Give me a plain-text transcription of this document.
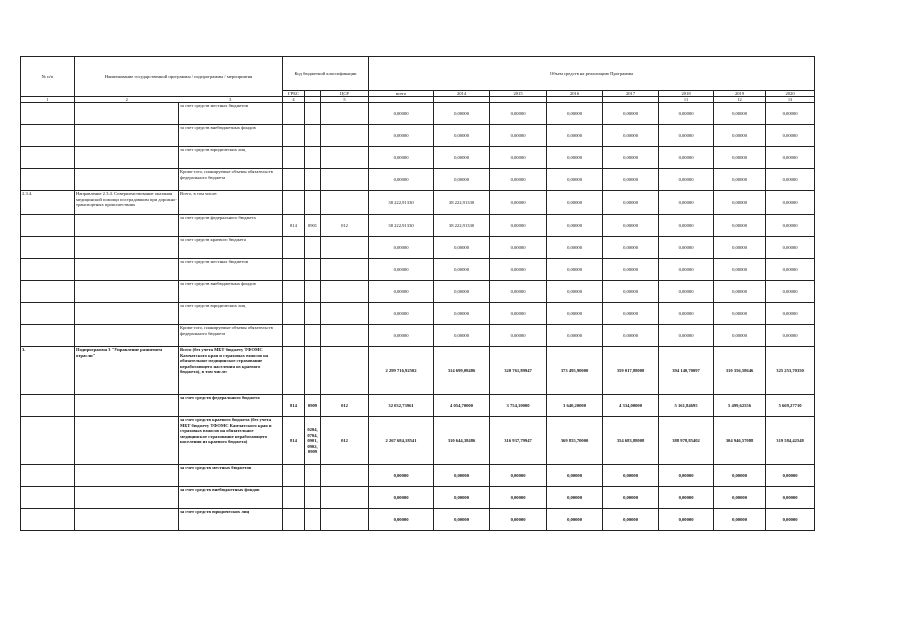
№ п/п	Наименование государственной программы / подпрограммы / мероприятия		Код бюджетной классификации			Объем средств на реализацию Программы							
			ГРБС		ЦСР	всего	2014	2015	2016	2017	2018	2019	2020
1	2	3	4		5						11	12	13
		за счет средств местных бюджетов				0,00000	0,00000	0,00000	0,00000	0,00000	0,00000	0,00000	0,00000
		за счет средств внебюджетных фондов				0,00000	0,00000	0,00000	0,00000	0,00000	0,00000	0,00000	0,00000
		за счет средств юридических лиц				0,00000	0,00000	0,00000	0,00000	0,00000	0,00000	0,00000	0,00000
		Кроме того, планируемые объемы обязательств федерального бюджета				0,00000	0,00000	0,00000	0,00000	0,00000	0,00000	0,00000	0,00000
2.3.4.	Направление 2.3.4. Совершенствование оказания медицинской помощи пострадавшим при дорожно-транспортных происшествиях	Всего, в том числе:				38 222,91330	38 222,91330	0,00000	0,00000	0,00000	0,00000	0,00000	0,00000
		за счет средств федерального бюджета	814	0901	012	38 222,91330	38 222,91330	0,00000	0,00000	0,00000	0,00000	0,00000	0,00000
		за счет средств краевого бюджета				0,00000	0,00000	0,00000	0,00000	0,00000	0,00000	0,00000	0,00000
		за счет средств местных бюджетов				0,00000	0,00000	0,00000	0,00000	0,00000	0,00000	0,00000	0,00000
		за счет средств внебюджетных фондов				0,00000	0,00000	0,00000	0,00000	0,00000	0,00000	0,00000	0,00000
		за счет средств юридических лиц				0,00000	0,00000	0,00000	0,00000	0,00000	0,00000	0,00000	0,00000
		Кроме того, планируемые объемы обязательств федерального бюджета				0,00000	0,00000	0,00000	0,00000	0,00000	0,00000	0,00000	0,00000
3.	Подпрограмма 3 "Управление развитием отрасли"	Всего (без учета МБТ бюджету ТФОМС Камчатского края и страховых взносов на обязательное медицинское страхование неработающего населения из краевого бюджета), в том числе:				2 299 716,92502	314 699,08486	320 761,89947	373 495,90000	359 017,88008	394 140,70097	310 356,58646	325 253,70350
		за счет средств федерального бюджета	814	0909	012	32 032,73961	4 054,70000	3 754,10000	3 640,20000	4 334,00000	5 161,84695	5 499,62556	5 669,27710
		за счет средств краевого бюджета (без учета МБТ бюджету ТФОМС Камчатского края и страховых взносов на обязательное медицинское страхование неработающего населения из краевого бюджета)	814	0204, 0704, 0901, 0902, 0909	012	2 267 684,18541	310 644,38486	316 937,79947	369 855,70000	354 683,88008	388 978,85402	304 946,57088	319 584,42548
		за счет средств местных бюджетов				0,00000	0,00000	0,00000	0,00000	0,00000	0,00000	0,00000	0,00000
		за счет средств внебюджетных фондов				0,00000	0,00000	0,00000	0,00000	0,00000	0,00000	0,00000	0,00000
		за счет средств юридических лиц				0,00000	0,00000	0,00000	0,00000	0,00000	0,00000	0,00000	0,00000
